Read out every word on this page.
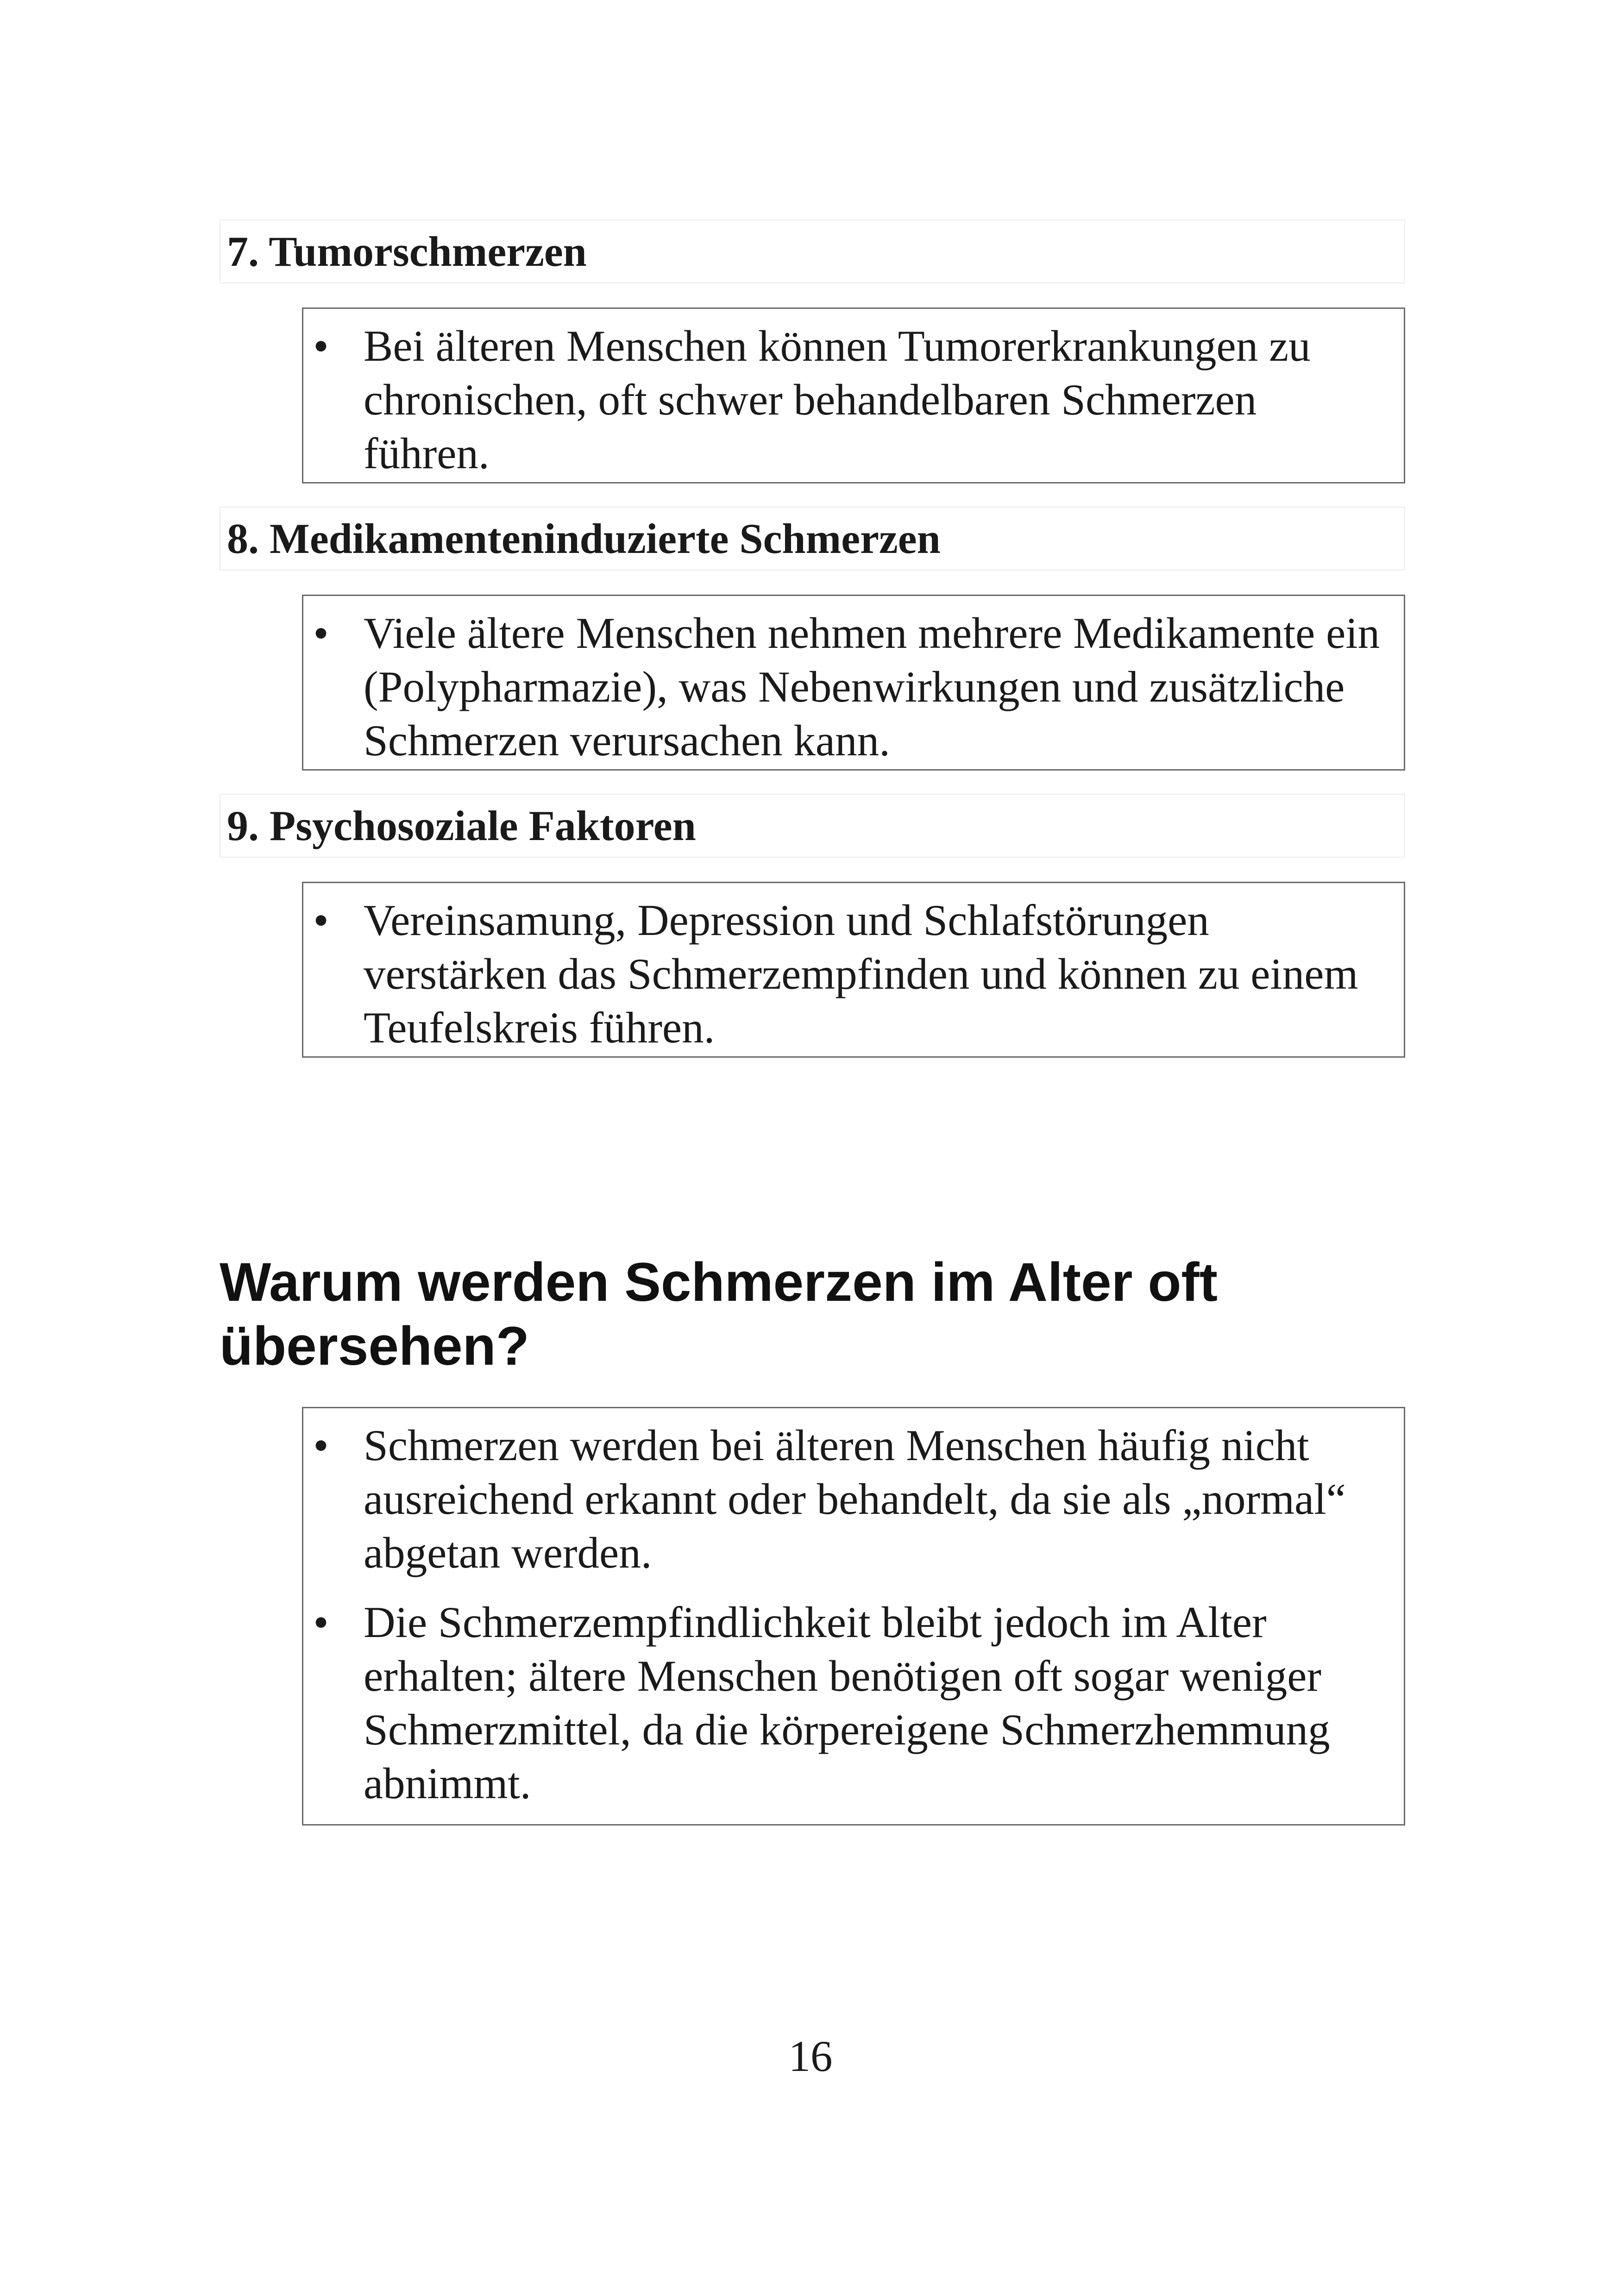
7. Tumorschmerzen
• Bei älteren Menschen können Tumorerkrankungen zu chronischen, oft schwer behandelbaren Schmerzen führen.
8. Medikamenteninduzierte Schmerzen
• Viele ältere Menschen nehmen mehrere Medikamente ein (Polypharmazie), was Nebenwirkungen und zusätzliche Schmerzen verursachen kann.
9. Psychosoziale Faktoren
• Vereinsamung, Depression und Schlafstörungen verstärken das Schmerzempfinden und können zu einem Teufelskreis führen.
Warum werden Schmerzen im Alter oft übersehen?
• Schmerzen werden bei älteren Menschen häufig nicht ausreichend erkannt oder behandelt, da sie als „normal“ abgetan werden.
• Die Schmerzempfindlichkeit bleibt jedoch im Alter erhalten; ältere Menschen benötigen oft sogar weniger Schmerzmittel, da die körpereigene Schmerzhemmung abnimmt.
16
